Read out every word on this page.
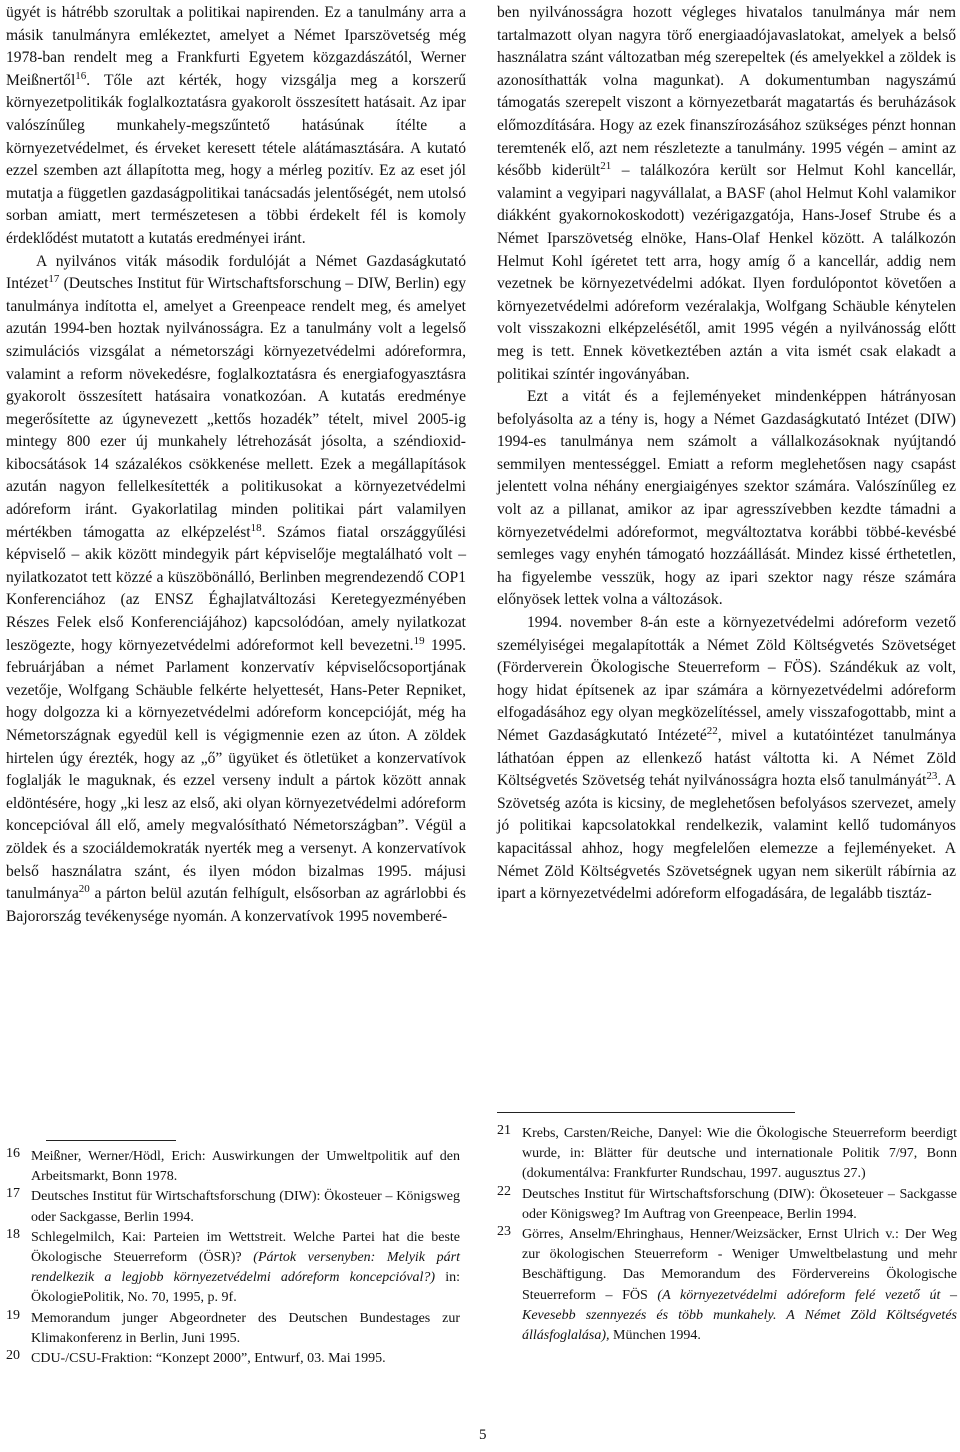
ügyét is hátrébb szorultak a politikai napirenden. Ez a tanulmány arra a másik tanulmányra emlékeztet, amelyet a Német Iparszövetség még 1978-ban rendelt meg a Frankfurti Egyetem közgazdászától, Werner Meißnertől$^{16}$. Tőle azt kérték, hogy vizsgálja meg a korszerű környezetpolitikák foglalkoztatásra gyakorolt összesített hatásait. Az ipar valószínűleg munkahely-megszűntető hatásúnak ítélte a környezetvédelmet, és érveket keresett tétele alátámasztására. A kutató ezzel szemben azt állapította meg, hogy a mérleg pozitív. Ez az eset jól mutatja a független gazdaságpolitikai tanácsadás jelentőségét, nem utolsó sorban amiatt, mert természetesen a többi érdekelt fél is komoly érdeklődést mutatott a kutatás eredményei iránt.

A nyilvános viták második fordulóját a Német Gazdaságkutató Intézet$^{17}$ (Deutsches Institut für Wirtschaftsforschung – DIW, Berlin) egy tanulmánya indította el, amelyet a Greenpeace rendelt meg, és amelyet azután 1994-ben hoztak nyilvánosságra. Ez a tanulmány volt a legelső szimulációs vizsgálat a németországi környezetvédelmi adóreformra, valamint a reform növekedésre, foglalkoztatásra és energiafogyasztásra gyakorolt összesített hatásaira vonatkozóan. A kutatás eredménye megerősítette az úgynevezett „kettős hozadék” tételt, mivel 2005-ig mintegy 800 ezer új munkahely létrehozását jósolta, a széndioxid-kibocsátások 14 százalékos csökkenése mellett. Ezek a megállapítások azután nagyon fellelkesítették a politikusokat a környezetvédelmi adóreform iránt. Gyakorlatilag minden politikai párt valamilyen mértékben támogatta az elképzelést$^{18}$. Számos fiatal országgyűlési képviselő – akik között mindegyik párt képviselője megtalálható volt – nyilatkozatot tett közzé a küszöbönálló, Berlinben megrendezendő COP1 Konferenciához (az ENSZ Éghajlatváltozási Keretegyezményében Részes Felek első Konferenciájához) kapcsolódóan, amely nyilatkozat leszögezte, hogy környezetvédelmi adóreformot kell bevezetni.$^{19}$ 1995. februárjában a német Parlament konzervatív képviselőcsoportjának vezetője, Wolfgang Schäuble felkérte helyettesét, Hans-Peter Repniket, hogy dolgozza ki a környezetvédelmi adóreform koncepcióját, még ha Németországnak egyedül kell is végigmennie ezen az úton. A zöldek hirtelen úgy érezték, hogy az „ő” ügyüket és ötletüket a konzervatívok foglalják le maguknak, és ezzel verseny indult a pártok között annak eldöntésére, hogy „ki lesz az első, aki olyan környezetvédelmi adóreform koncepcióval áll elő, amely megvalósítható Németországban”. Végül a zöldek és a szociáldemokraták nyerték meg a versenyt. A konzervatívok belső használatra szánt, és ilyen módon bizalmas 1995. májusi tanulmánya$^{20}$ a párton belül azután felhígult, elsősorban az agrárlobbi és Bajorország tevékenysége nyomán. A konzervatívok 1995 novemberé-

ben nyilvánosságra hozott végleges hivatalos tanulmánya már nem tartalmazott olyan nagyra törő energiaadójavaslatokat, amelyek a belső használatra szánt változatban még szerepeltek (és amelyekkel a zöldek is azonosíthatták volna magunkat). A dokumentumban nagyszámú támogatás szerepelt viszont a környezetbarát magatartás és beruházások előmozdítására. Hogy az ezek finanszírozásához szükséges pénzt honnan teremtenék elő, azt nem részletezte a tanulmány. 1995 végén – amint az később kiderült$^{21}$ – találkozóra került sor Helmut Kohl kancellár, valamint a vegyipari nagyvállalat, a BASF (ahol Helmut Kohl valamikor diákként gyakornokoskodott) vezérigazgatója, Hans-Josef Strube és a Német Iparszövetség elnöke, Hans-Olaf Henkel között. A találkozón Helmut Kohl ígéretet tett arra, hogy amíg ő a kancellár, addig nem vezetnek be környezetvédelmi adókat. Ilyen fordulópontot követően a környezetvédelmi adóreform vezéralakja, Wolfgang Schäuble kénytelen volt visszakozni elképzelésétől, amit 1995 végén a nyilvánosság előtt meg is tett. Ennek következtében aztán a vita ismét csak elakadt a politikai színtér ingoványában.

Ezt a vitát és a fejleményeket mindenképpen hátrányosan befolyásolta az a tény is, hogy a Német Gazdaságkutató Intézet (DIW) 1994-es tanulmánya nem számolt a vállalkozásoknak nyújtandó semmilyen mentességgel. Emiatt a reform meglehetősen nagy csapást jelentett volna néhány energiaigényes szektor számára. Valószínűleg ez volt az a pillanat, amikor az ipar agresszívebben kezdte támadni a környezetvédelmi adóreformot, megváltoztatva korábbi többé-kevésbé semleges vagy enyhén támogató hozzáállását. Mindez kissé érthetetlen, ha figyelembe vesszük, hogy az ipari szektor nagy része számára előnyösek lettek volna a változások.

1994. november 8-án este a környezetvédelmi adóreform vezető személyiségei megalapították a Német Zöld Költségvetés Szövetséget (Förderverein Ökologische Steuerreform – FÖS). Szándékuk az volt, hogy hidat építsenek az ipar számára a környezetvédelmi adóreform elfogadásához egy olyan megközelítéssel, amely visszafogottabb, mint a Német Gazdaságkutató Intézeté$^{22}$, mivel a kutatóintézet tanulmánya láthatóan éppen az ellenkező hatást váltotta ki. A Német Zöld Költségvetés Szövetség tehát nyilvánosságra hozta első tanulmányát$^{23}$. A Szövetség azóta is kicsiny, de meglehetősen befolyásos szervezet, amely jó politikai kapcsolatokkal rendelkezik, valamint kellő tudományos kapacitással ahhoz, hogy megfelelően elemezze a fejleményeket. A Német Zöld Költségvetés Szövetségnek ugyan nem sikerült rábírnia az ipart a környezetvédelmi adóreform elfogadására, de legalább tisztáz-

16 Meißner, Werner/Hödl, Erich: Auswirkungen der Umweltpolitik auf den Arbeitsmarkt, Bonn 1978.

17 Deutsches Institut für Wirtschaftsforschung (DIW): Ökosteuer – Königsweg oder Sackgasse, Berlin 1994.

18 Schlegelmilch, Kai: Parteien im Wettstreit. Welche Partei hat die beste Ökologische Steuerreform (ÖSR)? (Pártok versenyben: Melyik párt rendelkezik a legjobb környezetvédelmi adóreform koncepcióval?) in: ÖkologiePolitik, No. 70, 1995, p. 9f.

19 Memorandum junger Abgeordneter des Deutschen Bundestages zur Klimakonferenz in Berlin, Juni 1995.

20 CDU-/CSU-Fraktion: “Konzept 2000”, Entwurf, 03. Mai 1995.

21 Krebs, Carsten/Reiche, Danyel: Wie die Ökologische Steuerreform beerdigt wurde, in: Blätter für deutsche und internationale Politik 7/97, Bonn (dokumentálva: Frankfurter Rundschau, 1997. augusztus 27.)

22 Deutsches Institut für Wirtschaftsforschung (DIW): Ökoseteuer – Sackgasse oder Königsweg? Im Auftrag von Greenpeace, Berlin 1994.

23 Görres, Anselm/Ehringhaus, Henner/Weizsäcker, Ernst Ulrich v.: Der Weg zur ökologischen Steuerreform - Weniger Umweltbelastung und mehr Beschäftigung. Das Memorandum des Fördervereins Ökologische Steuerreform – FÖS (A környezetvédelmi adóreform felé vezető út – Kevesebb szennyezés és több munkahely. A Német Zöld Költségvetés állásfoglalása), München 1994.

5
